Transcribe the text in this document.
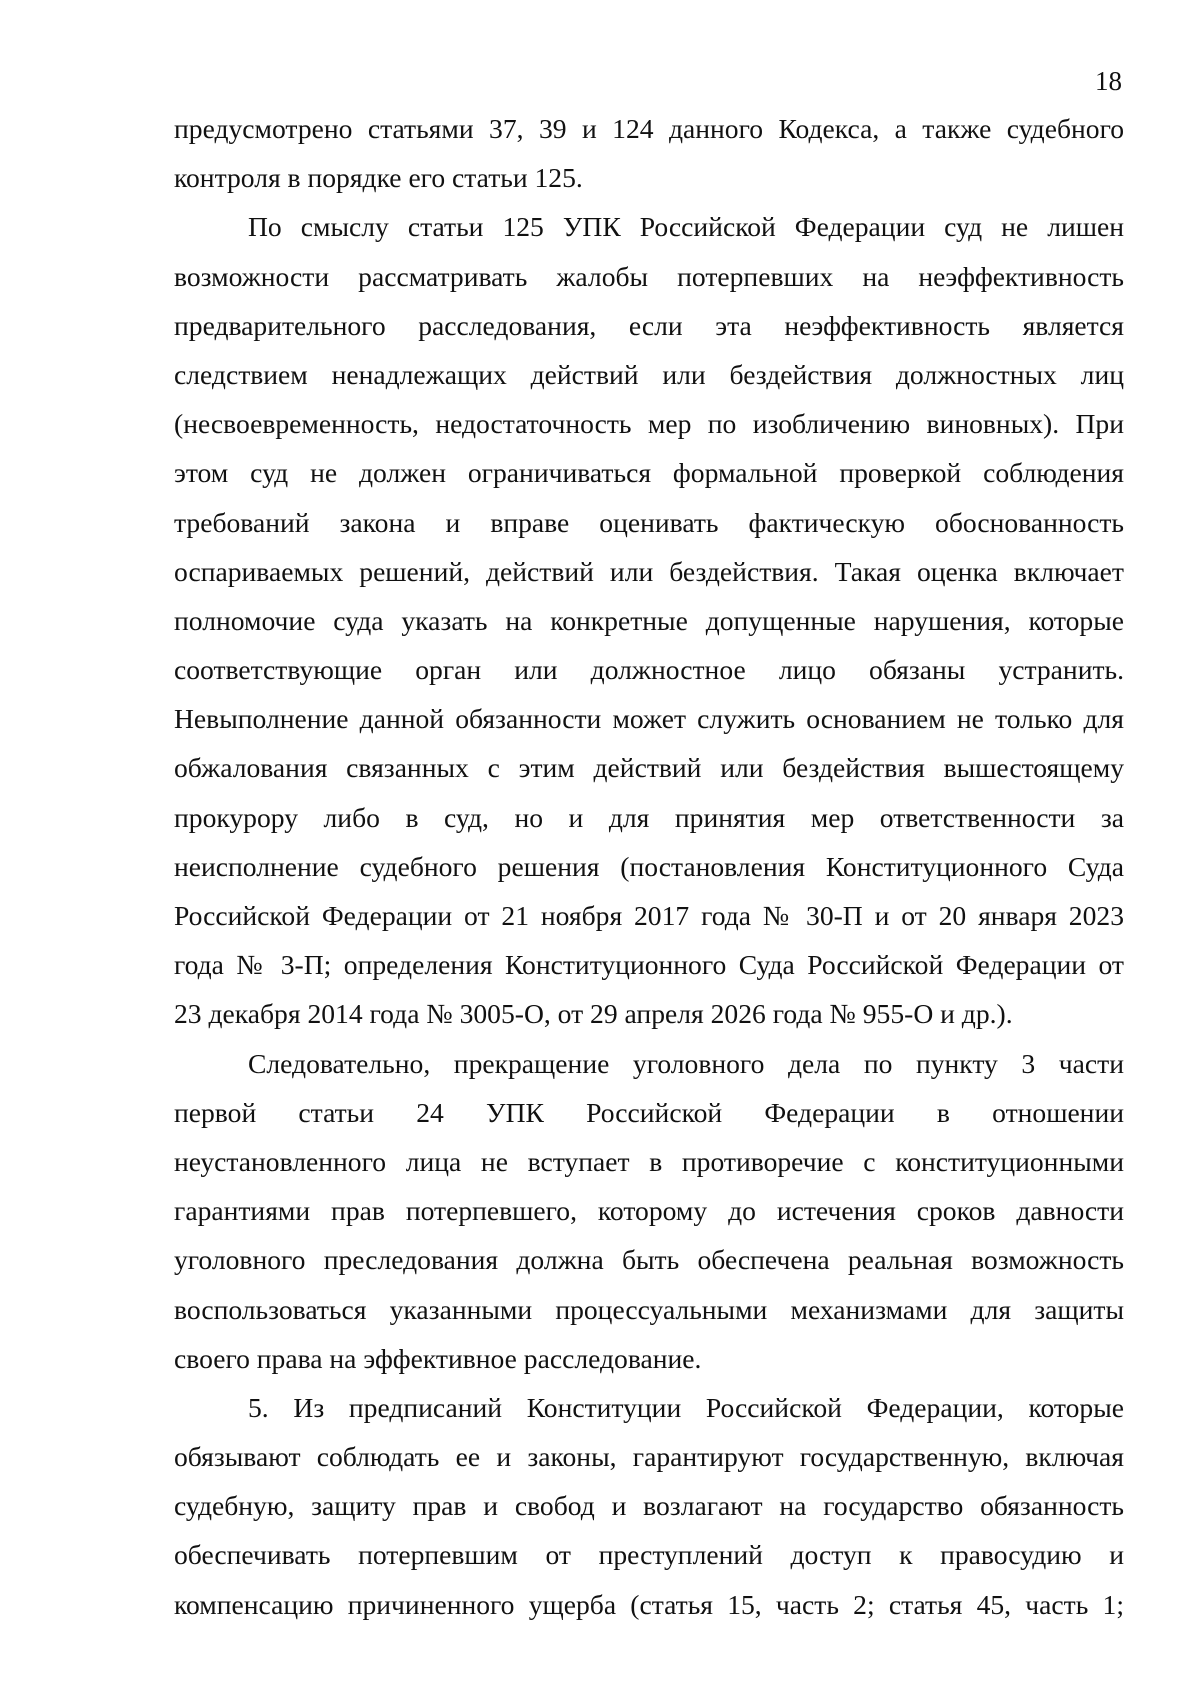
18
предусмотрено статьями 37, 39 и 124 данного Кодекса, а также судебного
контроля в порядке его статьи 125.
По смыслу статьи 125 УПК Российской Федерации суд не лишен
возможности рассматривать жалобы потерпевших на неэффективность
предварительного расследования, если эта неэффективность является
следствием ненадлежащих действий или бездействия должностных лиц
(несвоевременность, недостаточность мер по изобличению виновных). При
этом суд не должен ограничиваться формальной проверкой соблюдения
требований закона и вправе оценивать фактическую обоснованность
оспариваемых решений, действий или бездействия. Такая оценка включает
полномочие суда указать на конкретные допущенные нарушения, которые
соответствующие орган или должностное лицо обязаны устранить.
Невыполнение данной обязанности может служить основанием не только для
обжалования связанных с этим действий или бездействия вышестоящему
прокурору либо в суд, но и для принятия мер ответственности за
неисполнение судебного решения (постановления Конституционного Суда
Российской Федерации от 21 ноября 2017 года № 30-П и от 20 января 2023
года № 3-П; определения Конституционного Суда Российской Федерации от
23 декабря 2014 года № 3005-О, от 29 апреля 2026 года № 955-О и др.).
Следовательно, прекращение уголовного дела по пункту 3 части
первой статьи 24 УПК Российской Федерации в отношении
неустановленного лица не вступает в противоречие с конституционными
гарантиями прав потерпевшего, которому до истечения сроков давности
уголовного преследования должна быть обеспечена реальная возможность
воспользоваться указанными процессуальными механизмами для защиты
своего права на эффективное расследование.
5. Из предписаний Конституции Российской Федерации, которые
обязывают соблюдать ее и законы, гарантируют государственную, включая
судебную, защиту прав и свобод и возлагают на государство обязанность
обеспечивать потерпевшим от преступлений доступ к правосудию и
компенсацию причиненного ущерба (статья 15, часть 2; статья 45, часть 1;
